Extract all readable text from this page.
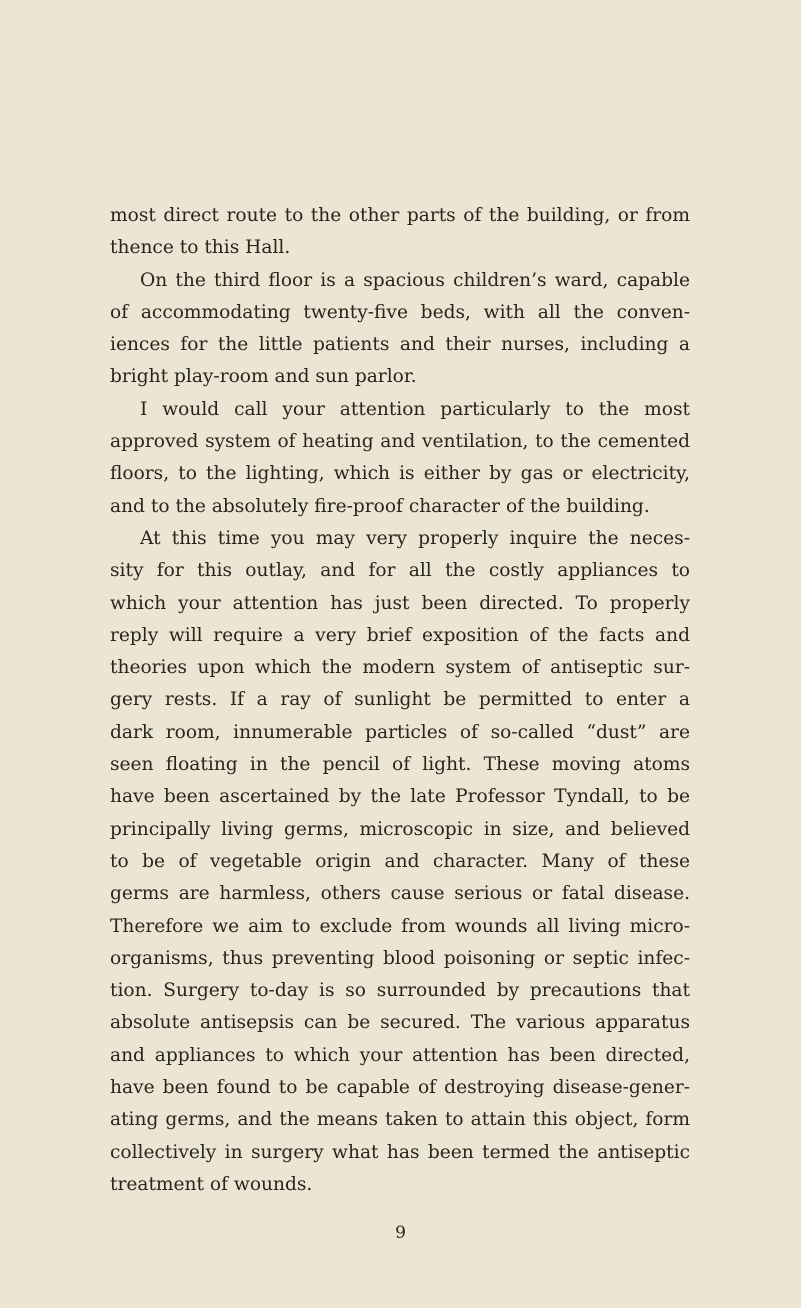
most direct route to the other parts of the building, or from
thence to this Hall.
On the third floor is a spacious children’s ward, capable
of accommodating twenty-five beds, with all the conven-
iences for the little patients and their nurses, including a
bright play-room and sun parlor.
I would call your attention particularly to the most
approved system of heating and ventilation, to the cemented
floors, to the lighting, which is either by gas or electricity,
and to the absolutely fire-proof character of the building.
At this time you may very properly inquire the neces-
sity for this outlay, and for all the costly appliances to
which your attention has just been directed. To properly
reply will require a very brief exposition of the facts and
theories upon which the modern system of antiseptic sur-
gery rests. If a ray of sunlight be permitted to enter a
dark room, innumerable particles of so-called “dust” are
seen floating in the pencil of light. These moving atoms
have been ascertained by the late Professor Tyndall, to be
principally living germs, microscopic in size, and believed
to be of vegetable origin and character. Many of these
germs are harmless, others cause serious or fatal disease.
Therefore we aim to exclude from wounds all living micro-
organisms, thus preventing blood poisoning or septic infec-
tion. Surgery to-day is so surrounded by precautions that
absolute antisepsis can be secured. The various apparatus
and appliances to which your attention has been directed,
have been found to be capable of destroying disease-gener-
ating germs, and the means taken to attain this object, form
collectively in surgery what has been termed the antiseptic
treatment of wounds.
9
